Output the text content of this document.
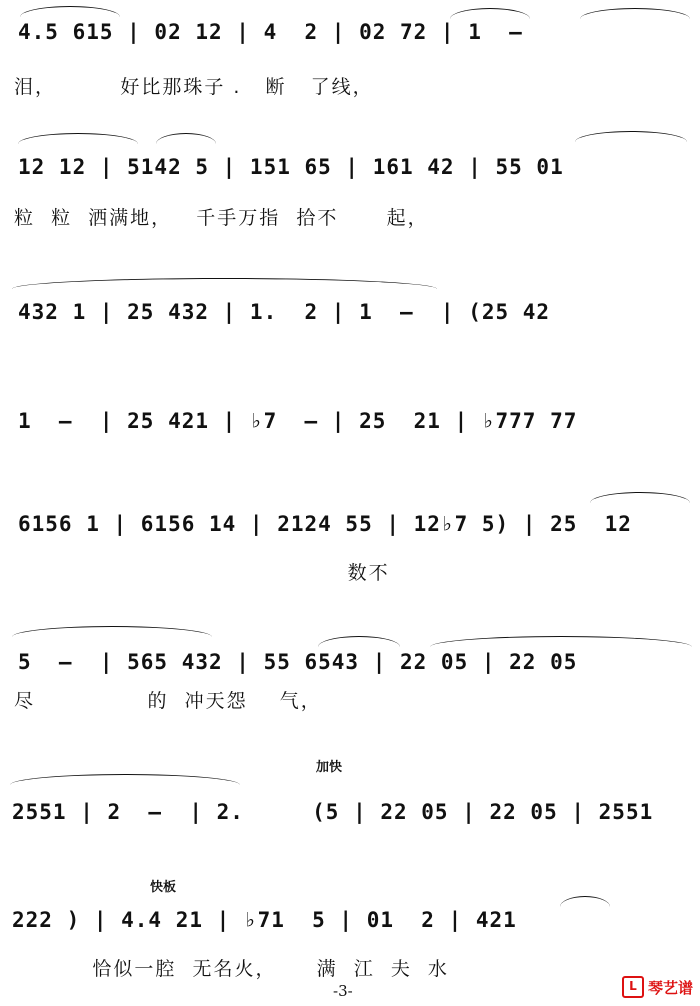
4.5 615 | 02 12 | 4  2 | 02 72 | 1  –
泪，        好比那珠子 .   断   了线，
12 12 | 5142 5 | 151 65 | 161 42 | 55 01
粒  粒  洒满地，   千手万指  拾不      起，
432 1 | 25 432 | 1.  2 | 1  –  | (25 42
1  –  | 25 421 | ♭7  – | 25  21 | ♭777 77
6156 1 | 6156 14 | 2124 55 | 12♭7 5) | 25  12
数不
5  –  | 565 432 | 55 6543 | 22 05 | 22 05
尽              的  冲天怨    气，
加快
2551 | 2  –  | 2.     (5 | 22 05 | 22 05 | 2551
快板
222 ) | 4.4 21 | ♭71  5 | 01  2 | 421
恰似一腔  无名火，     满  江  夫  水
-3-	L 琴艺谱
